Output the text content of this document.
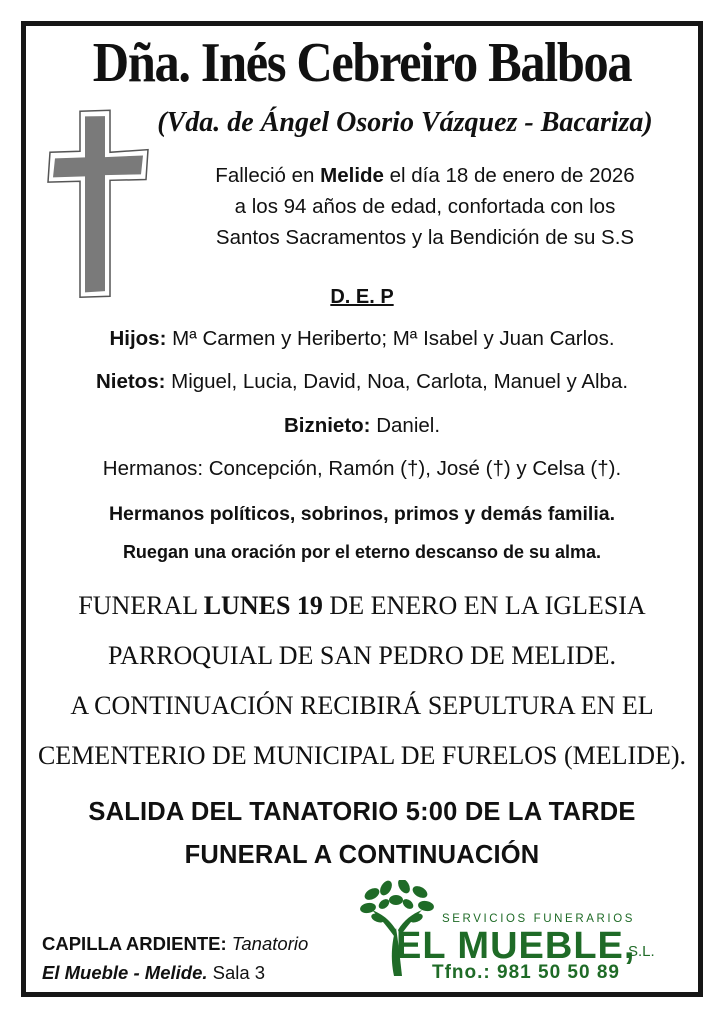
Dña. Inés Cebreiro Balboa
(Vda. de Ángel Osorio Vázquez - Bacariza)
Falleció en Melide el día 18 de enero de 2026
a los 94 años de edad, confortada con los
Santos Sacramentos y la Bendición de su S.S
D. E. P
Hijos: Mª Carmen y Heriberto; Mª Isabel y Juan Carlos.
Nietos: Miguel, Lucia, David, Noa, Carlota, Manuel y Alba.
Biznieto: Daniel.
Hermanos: Concepción, Ramón (†), José (†) y Celsa (†).
Hermanos políticos, sobrinos, primos y demás familia.
Ruegan una oración por el eterno descanso de su alma.
FUNERAL LUNES 19 DE ENERO EN LA IGLESIA
PARROQUIAL DE SAN PEDRO DE MELIDE.
A CONTINUACIÓN RECIBIRÁ SEPULTURA EN EL
CEMENTERIO DE MUNICIPAL DE FURELOS (MELIDE).
SALIDA DEL TANATORIO 5:00 DE LA TARDE
FUNERAL A CONTINUACIÓN
CAPILLA ARDIENTE: Tanatorio
El Mueble - Melide. Sala 3
SERVICIOS FUNERARIOS
EL MUEBLE,
S.L.
Tfno.: 981 50 50 89
